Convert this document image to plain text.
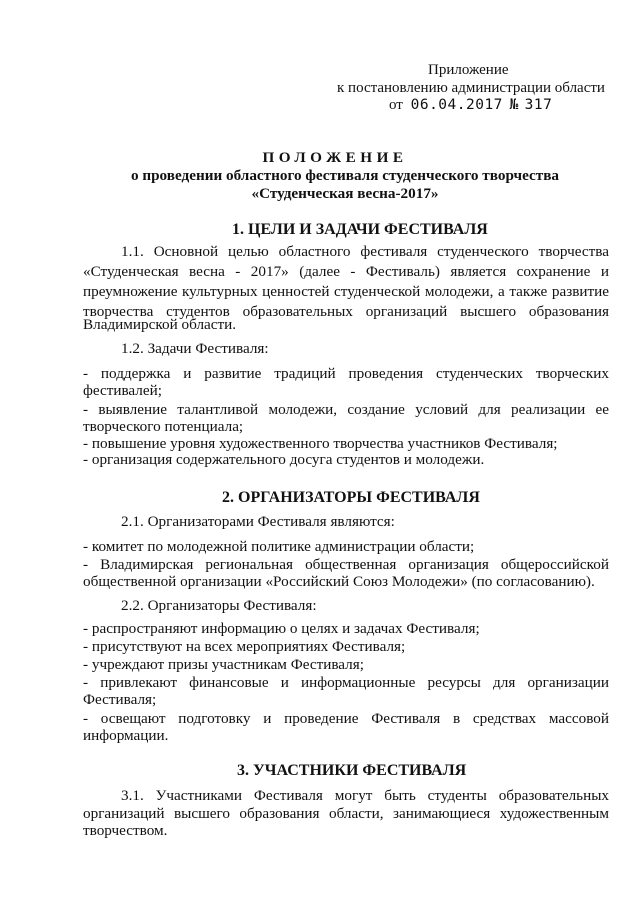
Приложение
к постановлению администрации области
от 06.04.2017 № 317
ПОЛОЖЕНИЕ
о проведении областного фестиваля студенческого творчества
«Студенческая весна-2017»
1. ЦЕЛИ И ЗАДАЧИ ФЕСТИВАЛЯ
1.1. Основной целью областного фестиваля студенческого творчества
«Студенческая весна - 2017» (далее - Фестиваль) является сохранение и
преумножение культурных ценностей студенческой молодежи, а также развитие
творчества студентов образовательных организаций высшего образования
Владимирской области.
1.2. Задачи Фестиваля:
- поддержка и развитие традиций проведения студенческих творческих
фестивалей;
- выявление талантливой молодежи, создание условий для реализации ее
творческого потенциала;
- повышение уровня художественного творчества участников Фестиваля;
- организация содержательного досуга студентов и молодежи.
2. ОРГАНИЗАТОРЫ ФЕСТИВАЛЯ
2.1. Организаторами Фестиваля являются:
- комитет по молодежной политике администрации области;
- Владимирская региональная общественная организация общероссийской
общественной организации «Российский Союз Молодежи» (по согласованию).
2.2. Организаторы Фестиваля:
- распространяют информацию о целях и задачах Фестиваля;
- присутствуют на всех мероприятиях Фестиваля;
- учреждают призы участникам Фестиваля;
- привлекают финансовые и информационные ресурсы для организации
Фестиваля;
- освещают подготовку и проведение Фестиваля в средствах массовой
информации.
3. УЧАСТНИКИ ФЕСТИВАЛЯ
3.1. Участниками Фестиваля могут быть студенты образовательных
организаций высшего образования области, занимающиеся художественным
творчеством.
